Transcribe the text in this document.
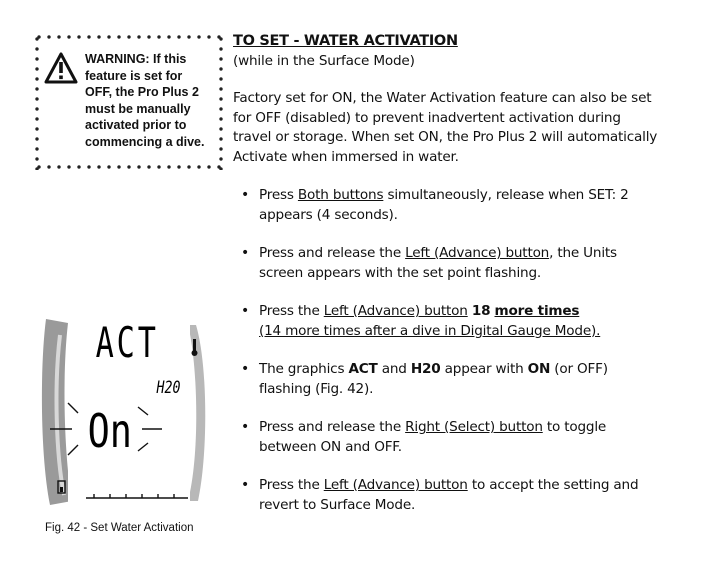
WARNING: If this
feature is set for
OFF, the Pro Plus 2
must be manually
activated prior to
commencing a dive.
TO SET - WATER ACTIVATION
(while in the Surface Mode)

Factory set for ON, the Water Activation feature can also be set for OFF (disabled) to prevent inadvertent activation during travel or storage. When set ON, the Pro Plus 2 will automatically Activate when immersed in water.

• Press Both buttons simultaneously, release when SET: 2 appears (4 seconds).
• Press and release the Left (Advance) button, the Units screen appears with the set point flashing.
• Press the Left (Advance) button 18 more times
(14 more times after a dive in Digital Gauge Mode).
• The graphics ACT and H20 appear with ON (or OFF) flashing (Fig. 42).
• Press and release the Right (Select) button to toggle between ON and OFF.
• Press the Left (Advance) button to accept the setting and revert to Surface Mode.
ACT
H20
On
Fig. 42 - Set Water Activation
